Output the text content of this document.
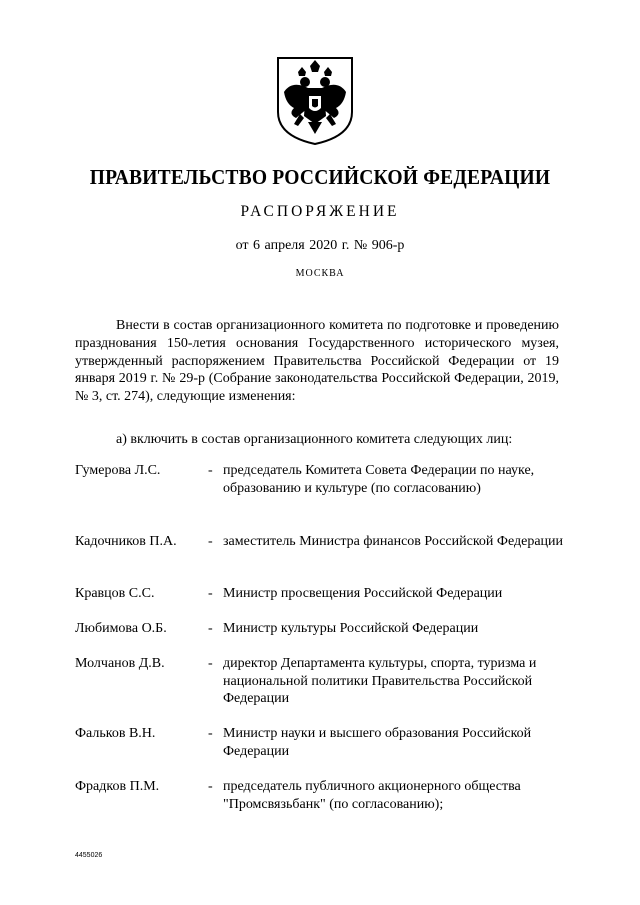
ПРАВИТЕЛЬСТВО РОССИЙСКОЙ ФЕДЕРАЦИИ
РАСПОРЯЖЕНИЕ
от 6 апреля 2020 г. № 906-р
МОСКВА

Внести в состав организационного комитета по подготовке и проведению празднования 150-летия основания Государственного исторического музея, утвержденный распоряжением Правительства Российской Федерации от 19 января 2019 г. № 29-р (Собрание законодательства Российской Федерации, 2019, № 3, ст. 274), следующие изменения:

а) включить в состав организационного комитета следующих лиц:
Гумерова Л.С.	- председатель Комитета Совета Федерации по науке, образованию и культуре (по согласованию)
Кадочников П.А. - заместитель Министра финансов Российской Федерации
Кравцов С.С.	- Министр просвещения Российской Федерации
Любимова О.Б.	- Министр культуры Российской Федерации
Молчанов Д.В.	- директор Департамента культуры, спорта, туризма и национальной политики Правительства Российской Федерации
Фальков В.Н.	- Министр науки и высшего образования Российской Федерации
Фрадков П.М.	- председатель публичного акционерного общества "Промсвязьбанк" (по согласованию);
4455026
